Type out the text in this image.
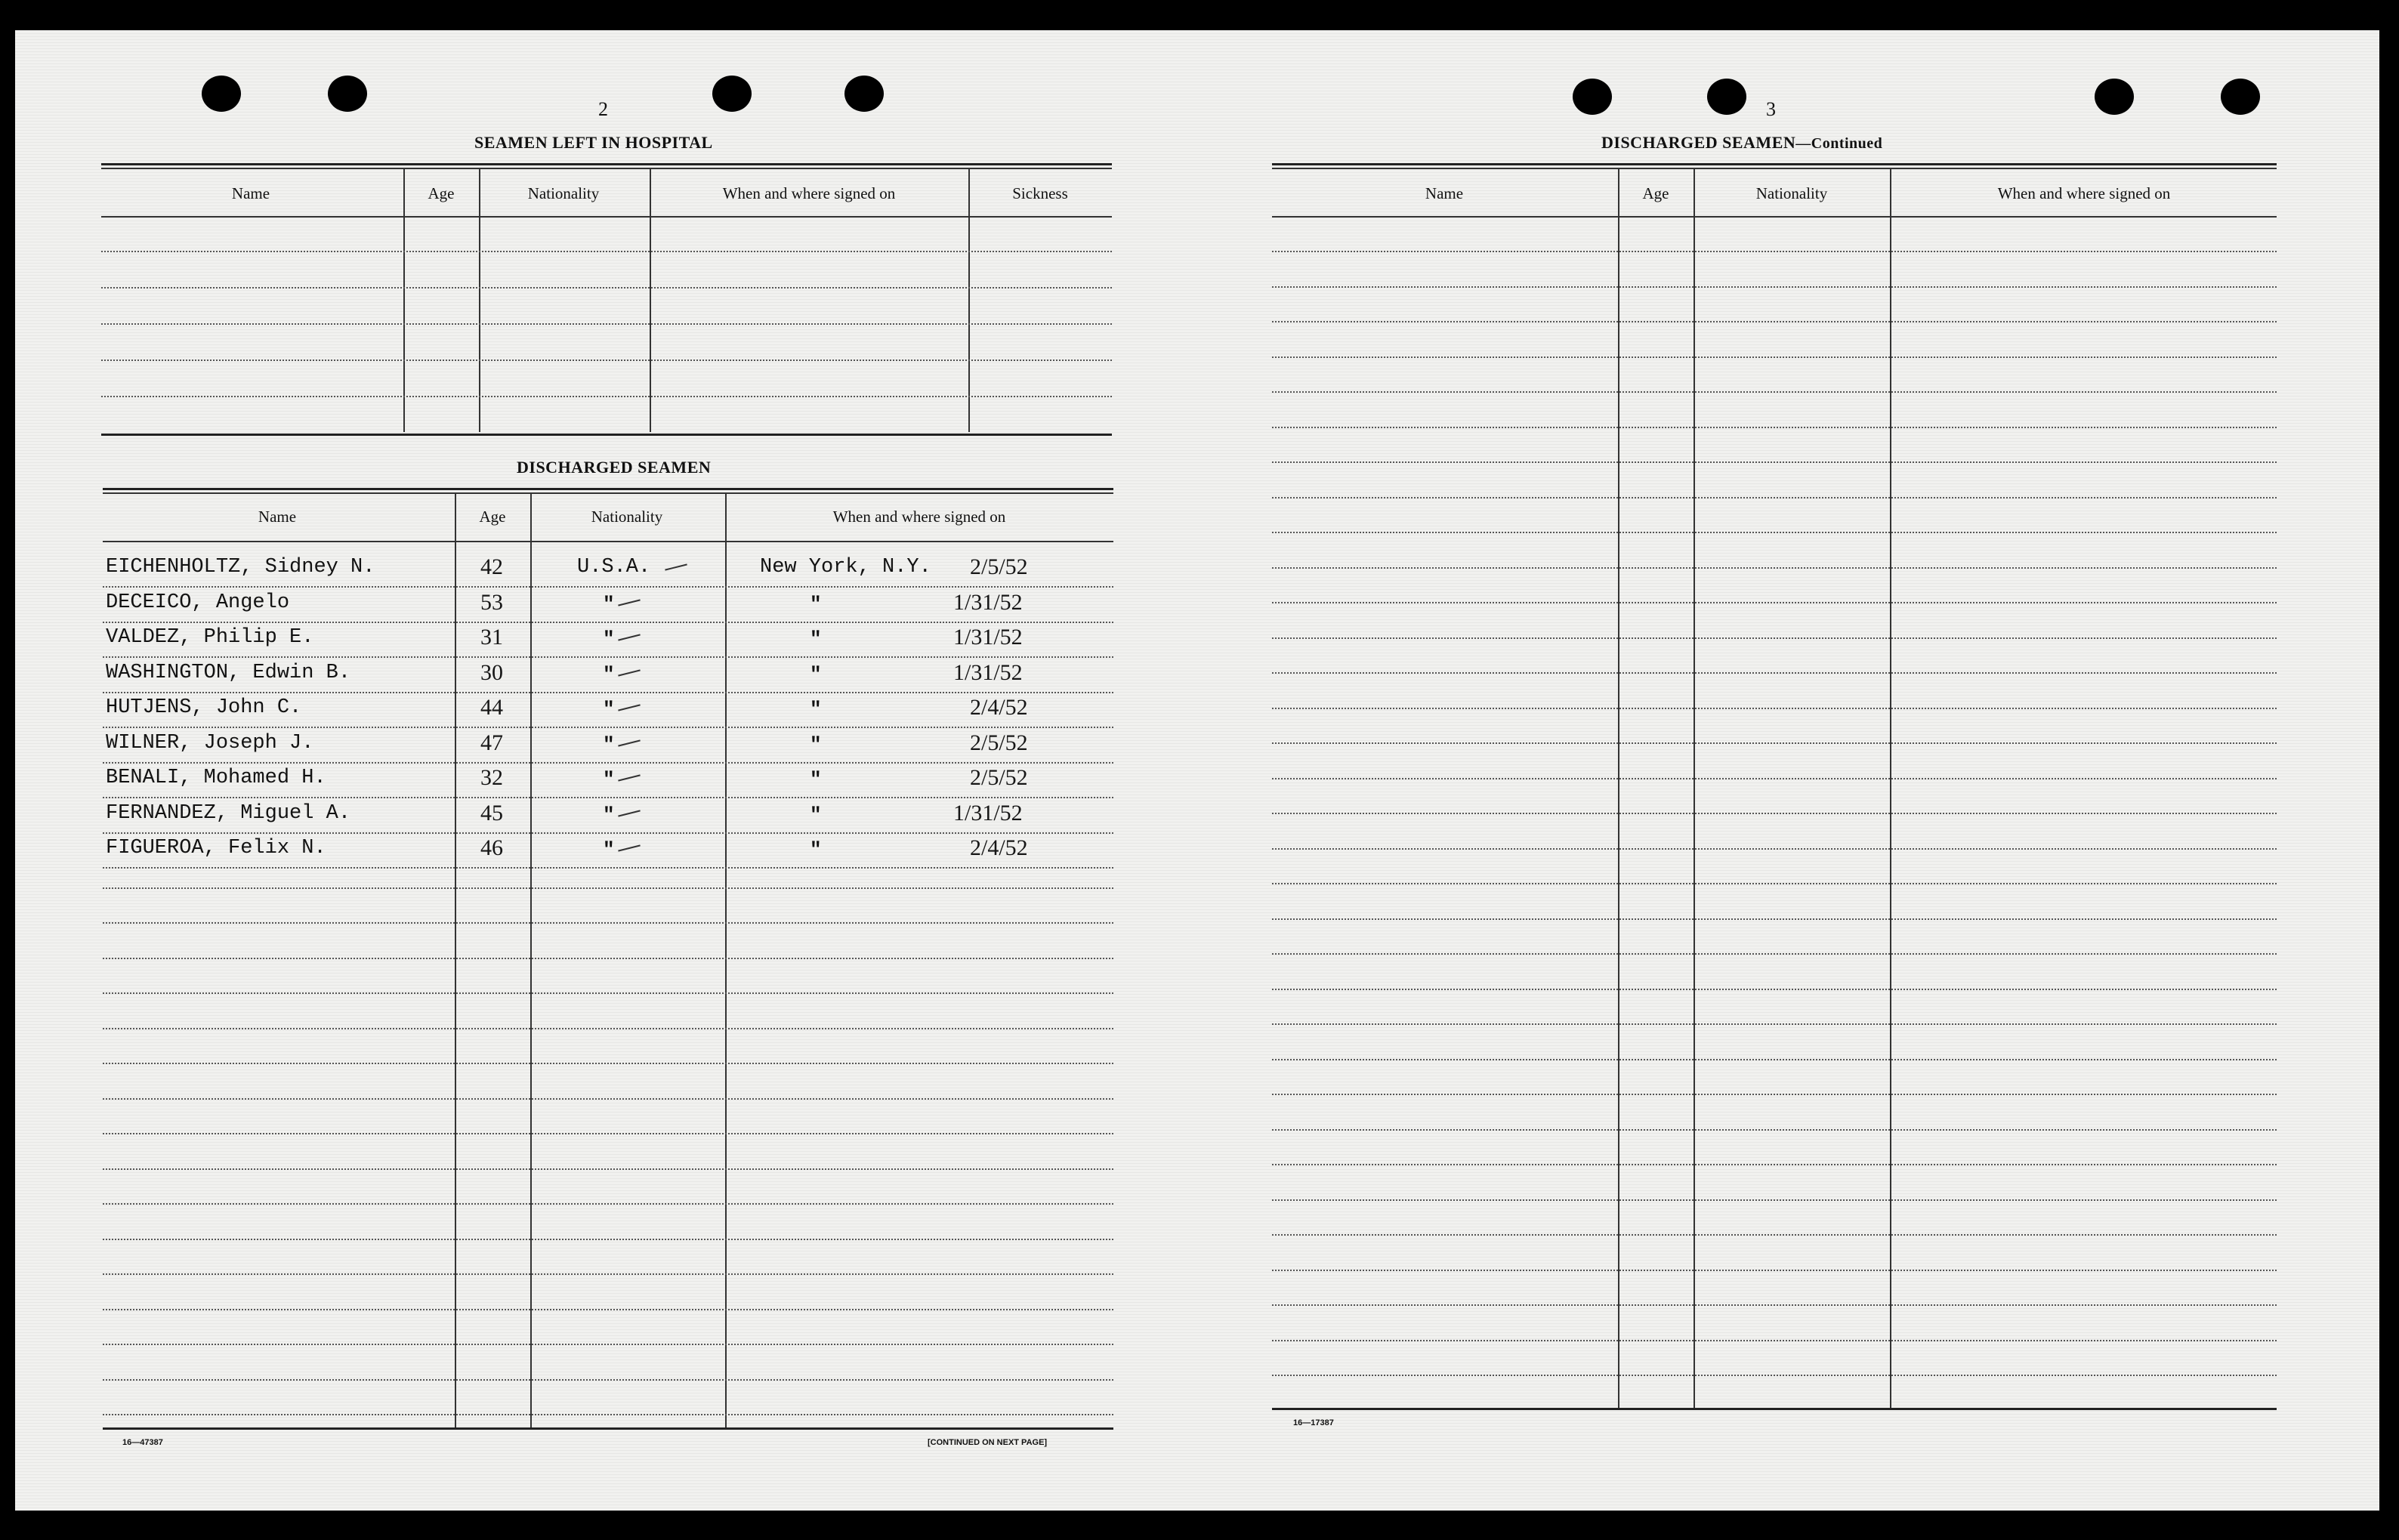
2
SEAMEN LEFT IN HOSPITAL
Name	Age	Nationality	When and where signed on	Sickness
DISCHARGED SEAMEN
Name	Age	Nationality	When and where signed on
EICHENHOLTZ, Sidney N.	42	U.S.A.	New York, N.Y. 2/5/52
DECEICO, Angelo	53	"	"	1/31/52
VALDEZ, Philip E.	31	"	"	1/31/52
WASHINGTON, Edwin B.	30	"	"	1/31/52
HUTJENS, John C.	44	"	"	2/4/52
WILNER, Joseph J.	47	"	"	2/5/52
BENALI, Mohamed H.	32	"	"	2/5/52
FERNANDEZ, Miguel A.	45	"	"	1/31/52
FIGUEROA, Felix N.	46	"	"	2/4/52
16—47387	[CONTINUED ON NEXT PAGE]
3
DISCHARGED SEAMEN—Continued
Name	Age	Nationality	When and where signed on
16—17387
